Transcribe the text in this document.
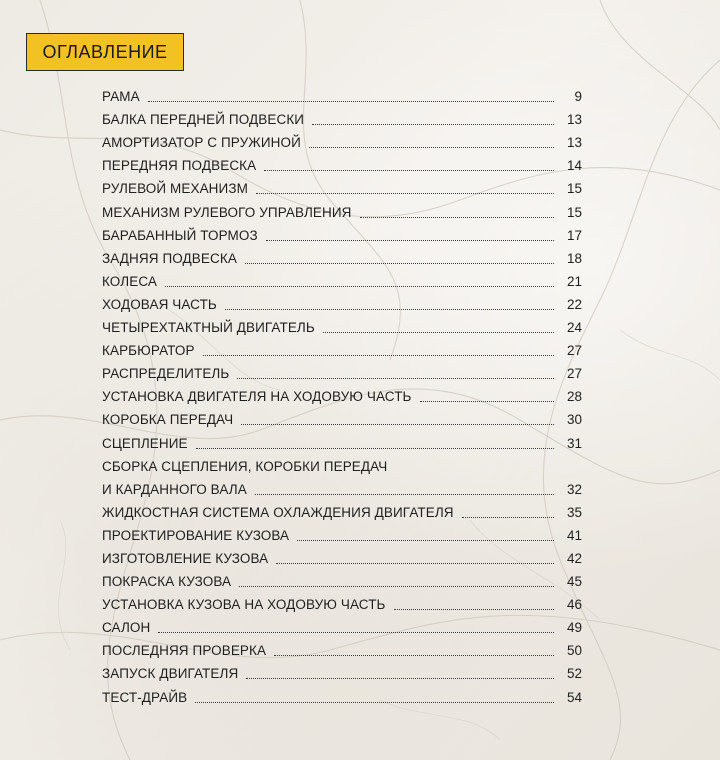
ОГЛАВЛЕНИЕ
РАМА	9
БАЛКА ПЕРЕДНЕЙ ПОДВЕСКИ	13
АМОРТИЗАТОР С ПРУЖИНОЙ	13
ПЕРЕДНЯЯ ПОДВЕСКА	14
РУЛЕВОЙ МЕХАНИЗМ	15
МЕХАНИЗМ РУЛЕВОГО УПРАВЛЕНИЯ	15
БАРАБАННЫЙ ТОРМОЗ	17
ЗАДНЯЯ ПОДВЕСКА	18
КОЛЕСА	21
ХОДОВАЯ ЧАСТЬ	22
ЧЕТЫРЕХТАКТНЫЙ ДВИГАТЕЛЬ	24
КАРБЮРАТОР	27
РАСПРЕДЕЛИТЕЛЬ	27
УСТАНОВКА ДВИГАТЕЛЯ НА ХОДОВУЮ ЧАСТЬ	28
КОРОБКА ПЕРЕДАЧ	30
СЦЕПЛЕНИЕ	31
СБОРКА СЦЕПЛЕНИЯ, КОРОБКИ ПЕРЕДАЧ
И КАРДАННОГО ВАЛА	32
ЖИДКОСТНАЯ СИСТЕМА ОХЛАЖДЕНИЯ ДВИГАТЕЛЯ	35
ПРОЕКТИРОВАНИЕ КУЗОВА	41
ИЗГОТОВЛЕНИЕ КУЗОВА	42
ПОКРАСКА КУЗОВА	45
УСТАНОВКА КУЗОВА НА ХОДОВУЮ ЧАСТЬ	46
САЛОН	49
ПОСЛЕДНЯЯ ПРОВЕРКА	50
ЗАПУСК ДВИГАТЕЛЯ	52
ТЕСТ-ДРАЙВ	54
